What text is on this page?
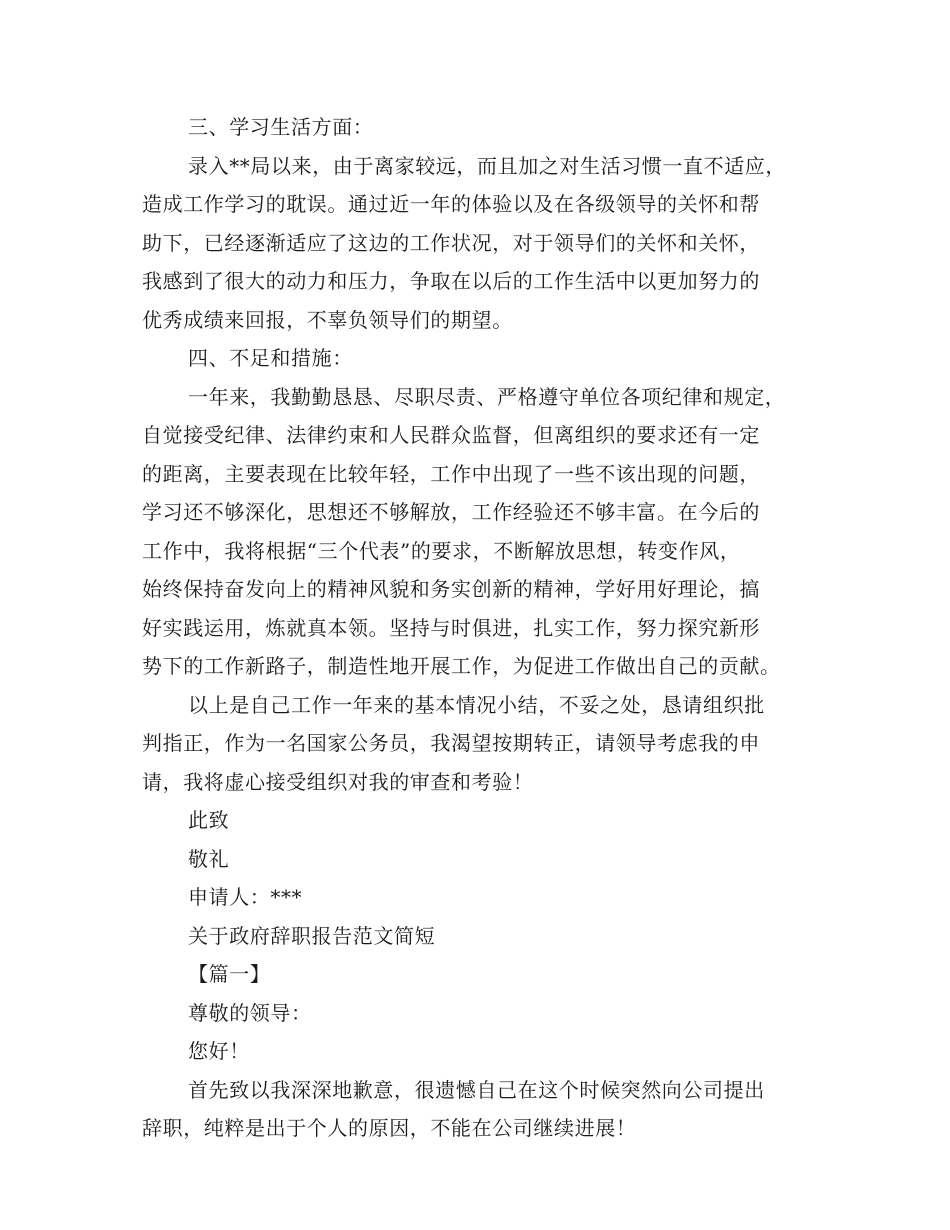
三、学习生活方面：
录入**局以来，由于离家较远，而且加之对生活习惯一直不适应，
造成工作学习的耽误。通过近一年的体验以及在各级领导的关怀和帮
助下，已经逐渐适应了这边的工作状况，对于领导们的关怀和关怀，
我感到了很大的动力和压力，争取在以后的工作生活中以更加努力的
优秀成绩来回报，不辜负领导们的期望。
四、不足和措施：
一年来，我勤勤恳恳、尽职尽责、严格遵守单位各项纪律和规定，
自觉接受纪律、法律约束和人民群众监督，但离组织的要求还有一定
的距离，主要表现在比较年轻，工作中出现了一些不该出现的问题，
学习还不够深化，思想还不够解放，工作经验还不够丰富。在今后的
工作中，我将根据“三个代表”的要求，不断解放思想，转变作风，
始终保持奋发向上的精神风貌和务实创新的精神，学好用好理论，搞
好实践运用，炼就真本领。坚持与时俱进，扎实工作，努力探究新形
势下的工作新路子，制造性地开展工作，为促进工作做出自己的贡献。
以上是自己工作一年来的基本情况小结，不妥之处，恳请组织批
判指正，作为一名国家公务员，我渴望按期转正，请领导考虑我的申
请，我将虚心接受组织对我的审查和考验！
此致
敬礼
申请人：***
关于政府辞职报告范文简短
【篇一】
尊敬的领导：
您好！
首先致以我深深地歉意，很遗憾自己在这个时候突然向公司提出
辞职，纯粹是出于个人的原因，不能在公司继续进展！
